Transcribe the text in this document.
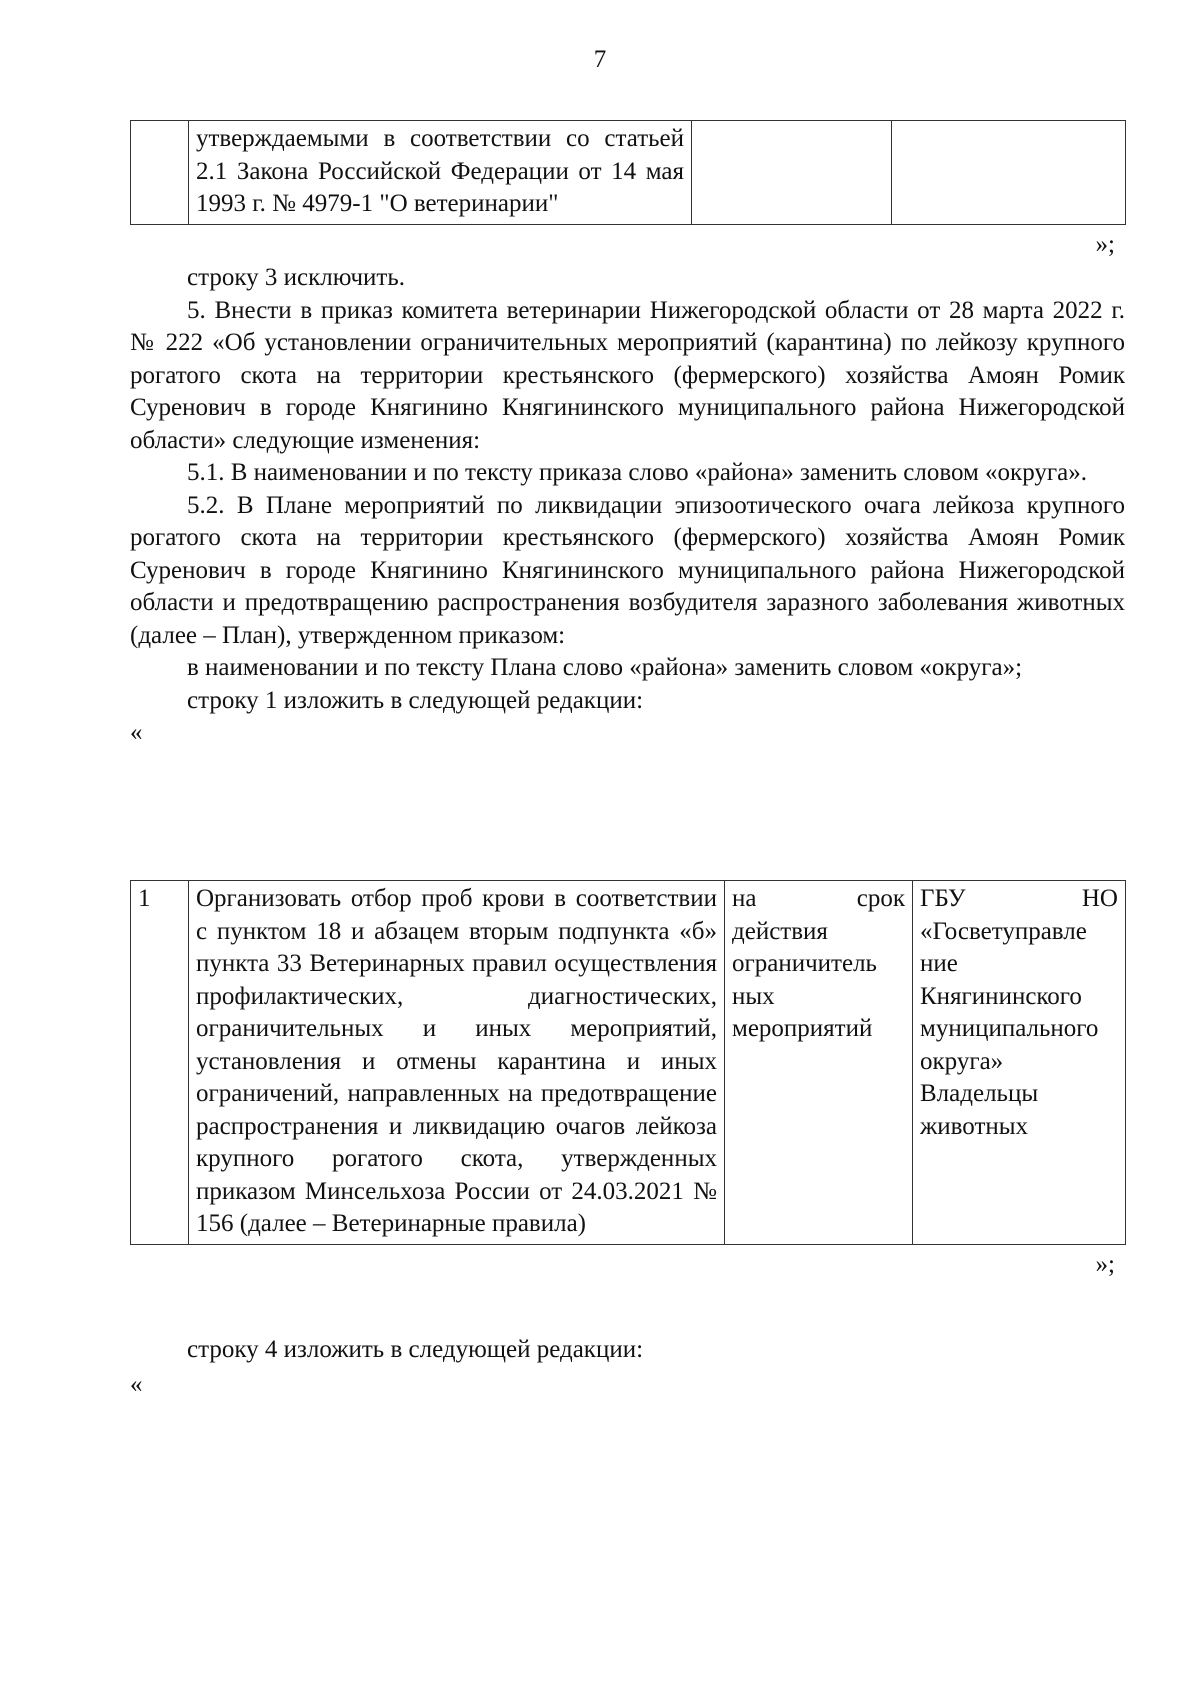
7
	утверждаемыми в соответствии со статьей 2.1 Закона Российской Федерации от 14 мая 1993 г. № 4979-1 "О ветеринарии"		

»;

строку 3 исключить.

5. Внести в приказ комитета ветеринарии Нижегородской области от 28 марта 2022 г. № 222 «Об установлении ограничительных мероприятий (карантина) по лейкозу крупного рогатого скота на территории крестьянского (фермерского) хозяйства Амоян Ромик Суренович в городе Княгинино Княгининского муниципального района Нижегородской области» следующие изменения:

5.1. В наименовании и по тексту приказа слово «района» заменить словом «округа».

5.2. В Плане мероприятий по ликвидации эпизоотического очага лейкоза крупного рогатого скота на территории крестьянского (фермерского) хозяйства Амоян Ромик Суренович в городе Княгинино Княгининского муниципального района Нижегородской области и предотвращению распространения возбудителя заразного заболевания животных (далее – План), утвержденном приказом:

в наименовании и по тексту Плана слово «района» заменить словом «округа»;

строку 1 изложить в следующей редакции:

«

1	Организовать отбор проб крови в соответствии с пунктом 18 и абзацем вторым подпункта «б» пункта 33 Ветеринарных правил осуществления профилактических, диагностических, ограничительных и иных мероприятий, установления и отмены карантина и иных ограничений, направленных на предотвращение распространения и ликвидацию очагов лейкоза крупного рогатого скота, утвержденных приказом Минсельхоза России от 24.03.2021 № 156 (далее – Ветеринарные правила)	на срок действия ограничитель ных мероприятий	ГБУ НО «Госветуправле ние Княгининского муниципального округа» Владельцы животных

»;

строку 4 изложить в следующей редакции:

«
